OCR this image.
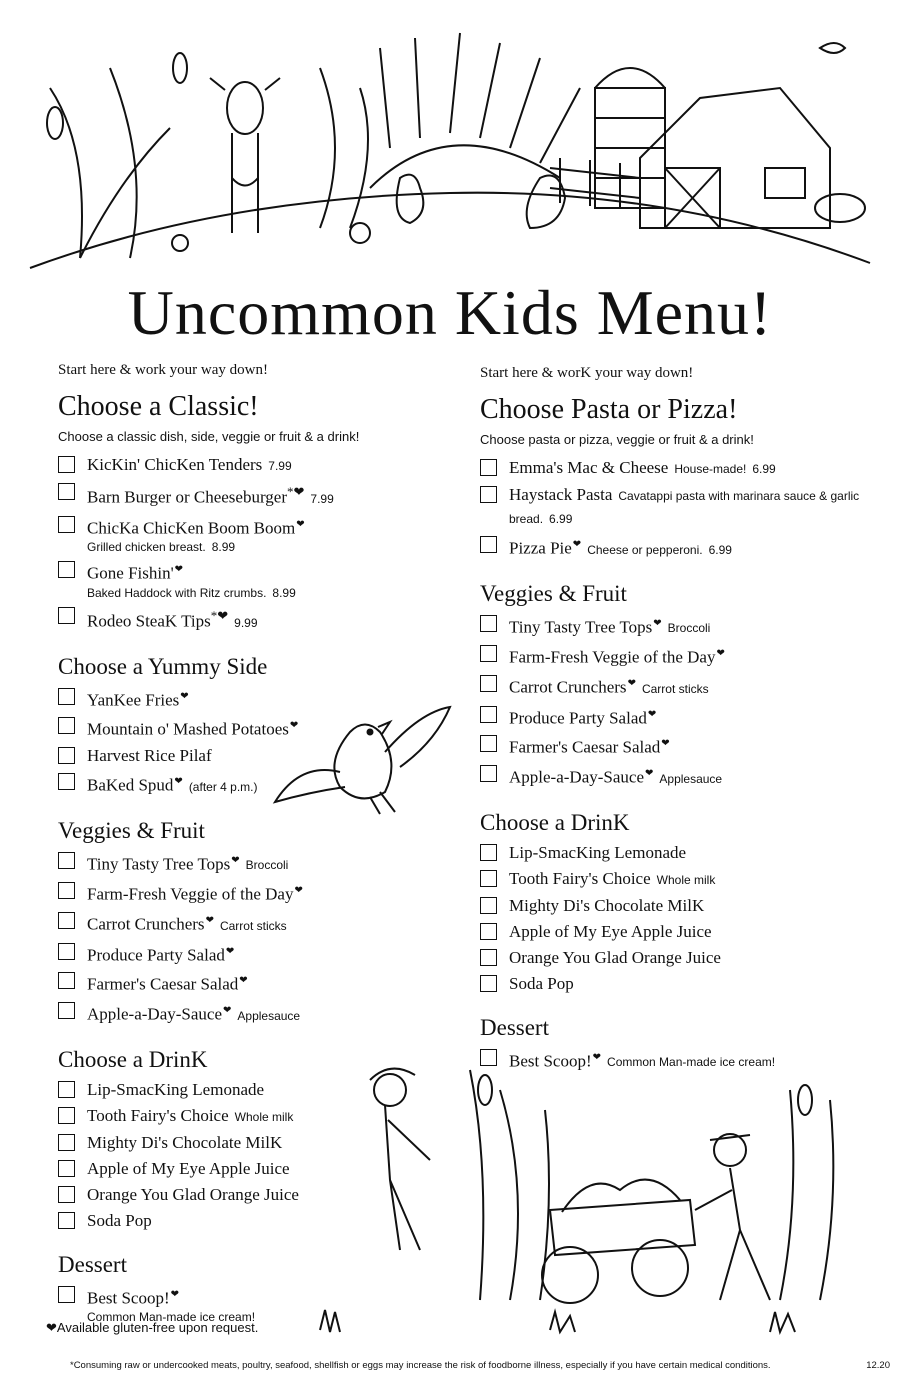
Uncommon Kids Menu!

Start here & work your way down!

Choose a Classic!

Choose a classic dish, side, veggie or fruit & a drink!

KicKin' ChicKen Tenders 7.99
Barn Burger or Cheeseburger*❤ 7.99
ChicKa ChicKen Boom Boom❤
Grilled chicken breast. 8.99
Gone Fishin'❤
Baked Haddock with Ritz crumbs. 8.99
Rodeo SteaK Tips*❤ 9.99
Choose a Yummy Side
YanKee Fries❤
Mountain o' Mashed Potatoes❤
Harvest Rice Pilaf
BaKed Spud❤ (after 4 p.m.)
Veggies & Fruit
Tiny Tasty Tree Tops❤ Broccoli
Farm-Fresh Veggie of the Day❤
Carrot Crunchers❤ Carrot sticks
Produce Party Salad❤
Farmer's Caesar Salad❤
Apple-a-Day-Sauce❤ Applesauce
Choose a DrinK
Lip-SmacKing Lemonade
Tooth Fairy's Choice Whole milk
Mighty Di's Chocolate MilK
Apple of My Eye Apple Juice
Orange You Glad Orange Juice
Soda Pop
Dessert
Best Scoop!❤
Common Man-made ice cream!

Start here & worK your way down!

Choose Pasta or Pizza!

Choose pasta or pizza, veggie or fruit & a drink!

Emma's Mac & Cheese House-made! 6.99
Haystack Pasta Cavatappi pasta with marinara sauce & garlic bread. 6.99
Pizza Pie❤ Cheese or pepperoni. 6.99
Veggies & Fruit
Tiny Tasty Tree Tops❤ Broccoli
Farm-Fresh Veggie of the Day❤
Carrot Crunchers❤ Carrot sticks
Produce Party Salad❤
Farmer's Caesar Salad❤
Apple-a-Day-Sauce❤ Applesauce
Choose a DrinK
Lip-SmacKing Lemonade
Tooth Fairy's Choice Whole milk
Mighty Di's Chocolate MilK
Apple of My Eye Apple Juice
Orange You Glad Orange Juice
Soda Pop
Dessert
Best Scoop!❤ Common Man-made ice cream!
❤Available gluten-free upon request.
*Consuming raw or undercooked meats, poultry, seafood, shellfish or eggs may increase the risk of foodborne illness, especially if you have certain medical conditions.	12.20
